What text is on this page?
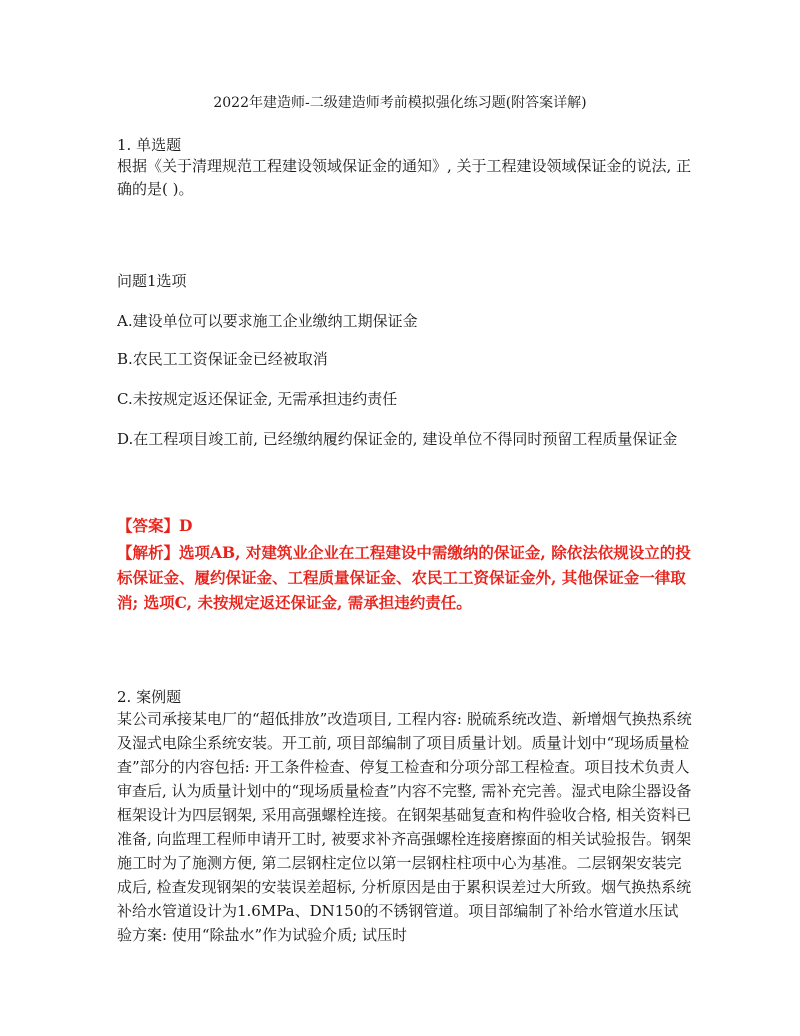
2022年建造师-二级建造师考前模拟强化练习题(附答案详解)
1. 单选题
根据《关于清理规范工程建设领域保证金的通知》, 关于工程建设领域保证金的说法, 正确的是( )。
问题1选项
A.建设单位可以要求施工企业缴纳工期保证金
B.农民工工资保证金已经被取消
C.未按规定返还保证金, 无需承担违约责任
D.在工程项目竣工前, 已经缴纳履约保证金的, 建设单位不得同时预留工程质量保证金
【答案】D
【解析】选项AB, 对建筑业企业在工程建设中需缴纳的保证金, 除依法依规设立的投标保证金、履约保证金、工程质量保证金、农民工工资保证金外, 其他保证金一律取消; 选项C, 未按规定返还保证金, 需承担违约责任。
2. 案例题
某公司承接某电厂的“超低排放”改造项目, 工程内容: 脱硫系统改造、新增烟气换热系统及湿式电除尘系统安装。开工前, 项目部编制了项目质量计划。质量计划中“现场质量检查”部分的内容包括: 开工条件检查、停复工检查和分项分部工程检查。项目技术负责人审查后, 认为质量计划中的“现场质量检查”内容不完整, 需补充完善。湿式电除尘器设备框架设计为四层钢架, 采用高强螺栓连接。在钢架基础复查和构件验收合格, 相关资料已准备, 向监理工程师申请开工时, 被要求补齐高强螺栓连接磨擦面的相关试验报告。钢架施工时为了施测方便, 第二层钢柱定位以第一层钢柱柱项中心为基准。二层钢架安装完成后, 检查发现钢架的安装误差超标, 分析原因是由于累积误差过大所致。烟气换热系统补给水管道设计为1.6MPa、DN150的不锈钢管道。项目部编制了补给水管道水压试验方案: 使用“除盐水”作为试验介质; 试压时
